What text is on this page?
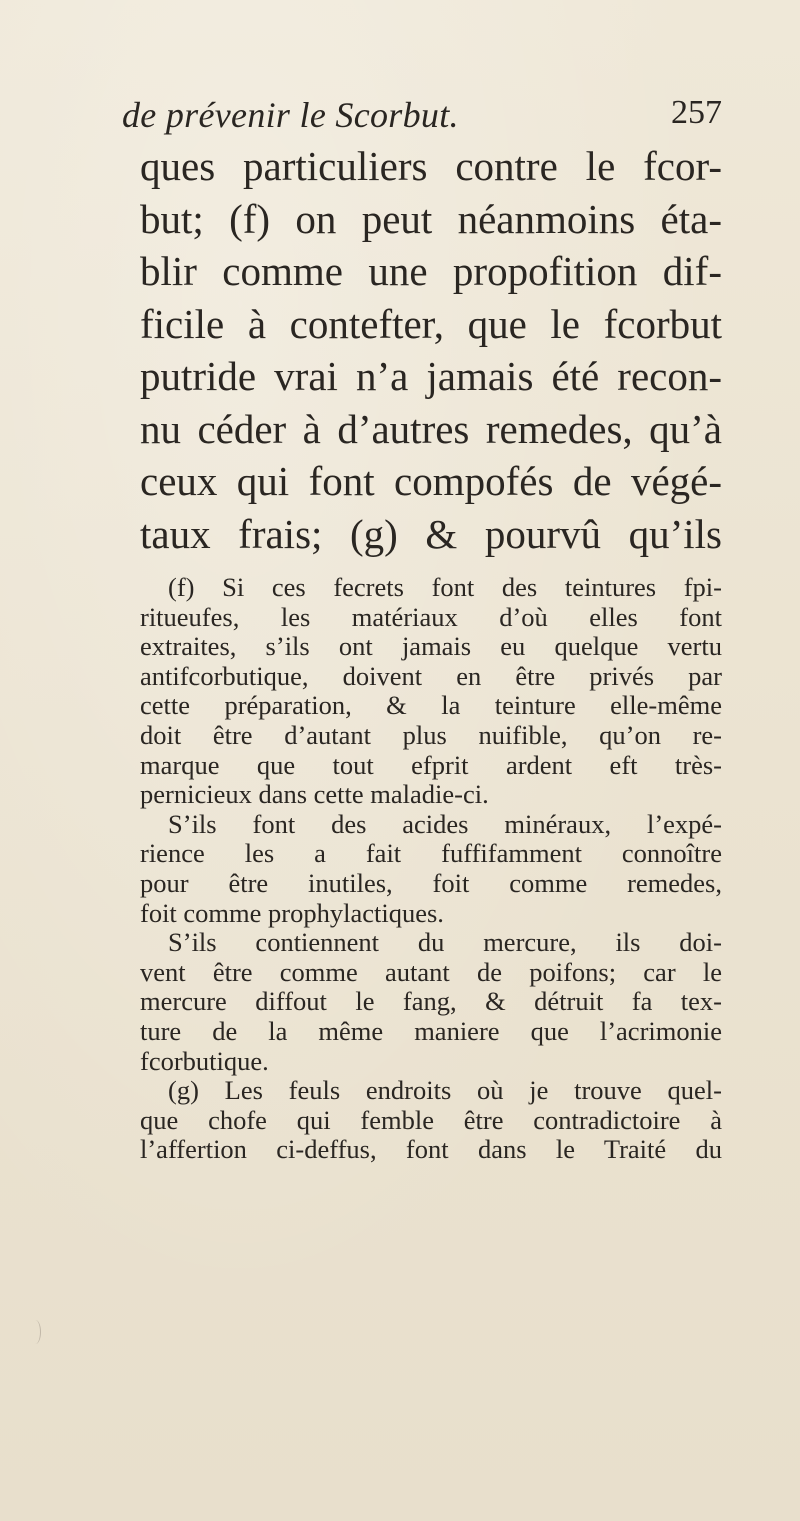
de prévenir le Scorbut.	257
ques particuliers contre le fcor-
but; (f) on peut néanmoins éta-
blir comme une propofition dif-
ficile à contefter, que le fcorbut
putride vrai n’a jamais été recon-
nu céder à d’autres remedes, qu’à
ceux qui font compofés de végé-
taux frais; (g) & pourvû qu’ils
(f) Si ces fecrets font des teintures fpi-
ritueufes, les matériaux d’où elles font
extraites, s’ils ont jamais eu quelque vertu
antifcorbutique, doivent en être privés par
cette préparation, & la teinture elle-même
doit être d’autant plus nuifible, qu’on re-
marque que tout efprit ardent eft très-
pernicieux dans cette maladie-ci.
S’ils font des acides minéraux, l’expé-
rience les a fait fuffifamment connoître
pour être inutiles, foit comme remedes,
foit comme prophylactiques.
S’ils contiennent du mercure, ils doi-
vent être comme autant de poifons; car le
mercure diffout le fang, & détruit fa tex-
ture de la même maniere que l’acrimonie
fcorbutique.
(g) Les feuls endroits où je trouve quel-
que chofe qui femble être contradictoire à
l’affertion ci-deffus, font dans le Traité du
